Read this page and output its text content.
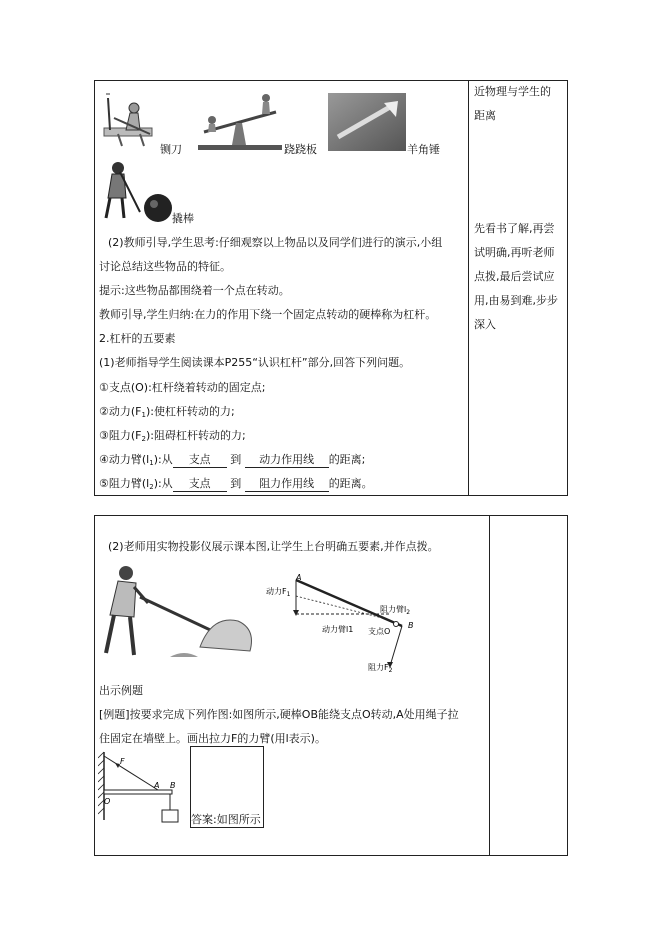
铡刀	跷跷板	羊角锤
撬棒
(2)教师引导,学生思考:仔细观察以上物品以及同学们进行的演示,小组
讨论总结这些物品的特征。
提示:这些物品都围绕着一个点在转动。
教师引导,学生归纳:在力的作用下绕一个固定点转动的硬棒称为杠杆。
2.杠杆的五要素
(1)老师指导学生阅读课本P255“认识杠杆”部分,回答下列问题。
①支点(O):杠杆绕着转动的固定点;
②动力$(F_1)$:使杠杆转动的力;
③阻力$(F_2)$:阻碍杠杆转动的力;
④动力臂$(l_1)$:从 支点 到 动力作用线 的距离;
⑤阻力臂$(l_2)$:从 支点 到 阻力作用线 的距离。
近物理与学生的
距离
先看书了解,再尝
试明确,再听老师
点拨,最后尝试应
用,由易到难,步步
深入
(2)老师用实物投影仪展示课本图,让学生上台明确五要素,并作点拨。
A
动力$F_1$
动力臂l1
阻力臂$l_2$
支点O
B
阻力$F_2$
出示例题
[例题]按要求完成下列作图:如图所示,硬棒OB能绕支点O转动,A处用绳子拉
住固定在墙壁上。画出拉力F的力臂(用l表示)。
F
A B
O
答案:如图所示
